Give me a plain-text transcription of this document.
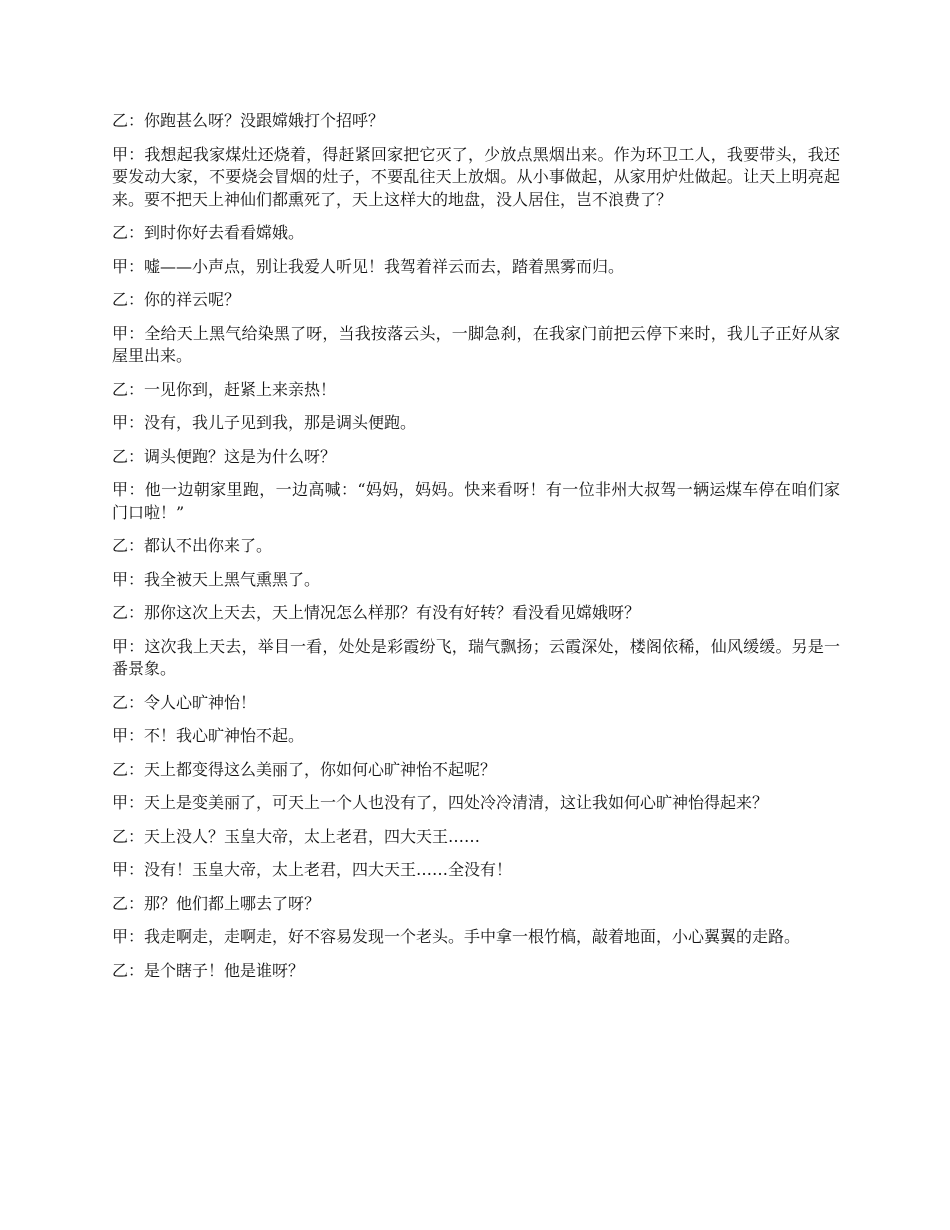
乙：你跑甚么呀？没跟嫦娥打个招呼？

甲：我想起我家煤灶还烧着，得赶紧回家把它灭了，少放点黑烟出来。作为环卫工人，我要带头，我还要发动大家，不要烧会冒烟的灶子，不要乱往天上放烟。从小事做起，从家用炉灶做起。让天上明亮起来。要不把天上神仙们都熏死了，天上这样大的地盘，没人居住，岂不浪费了？

乙：到时你好去看看嫦娥。

甲：嘘——小声点，别让我爱人听见！我驾着祥云而去，踏着黑雾而归。

乙：你的祥云呢？

甲：全给天上黑气给染黑了呀，当我按落云头，一脚急刹，在我家门前把云停下来时，我儿子正好从家屋里出来。

乙：一见你到，赶紧上来亲热！

甲：没有，我儿子见到我，那是调头便跑。

乙：调头便跑？这是为什么呀？

甲：他一边朝家里跑，一边高喊：“妈妈，妈妈。快来看呀！有一位非州大叔驾一辆运煤车停在咱们家门口啦！”

乙：都认不出你来了。

甲：我全被天上黑气熏黑了。

乙：那你这次上天去，天上情况怎么样那？有没有好转？看没看见嫦娥呀？

甲：这次我上天去，举目一看，处处是彩霞纷飞，瑞气飘扬；云霞深处，楼阁依稀，仙风缓缓。另是一番景象。

乙：令人心旷神怡！

甲：不！我心旷神怡不起。

乙：天上都变得这么美丽了，你如何心旷神怡不起呢？

甲：天上是变美丽了，可天上一个人也没有了，四处冷冷清清，这让我如何心旷神怡得起来？

乙：天上没人？玉皇大帝，太上老君，四大天王……

甲：没有！玉皇大帝，太上老君，四大天王……全没有！

乙：那？他们都上哪去了呀？

甲：我走啊走，走啊走，好不容易发现一个老头。手中拿一根竹槁，敲着地面，小心翼翼的走路。

乙：是个瞎子！他是谁呀？
